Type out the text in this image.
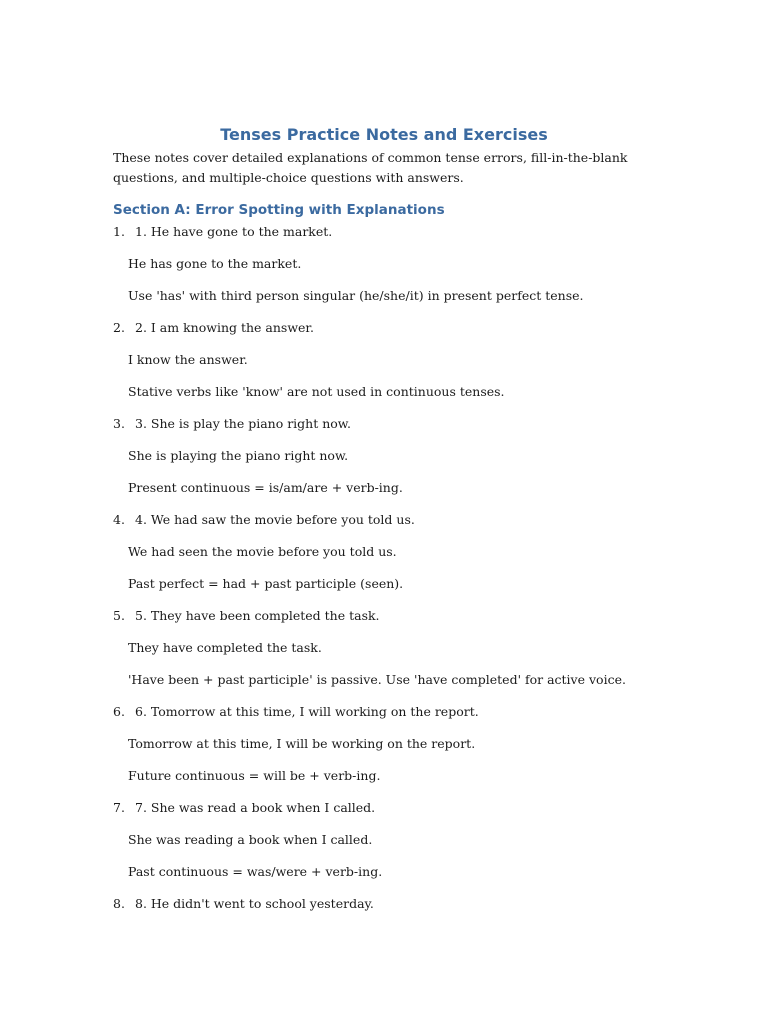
Tenses Practice Notes and Exercises

These notes cover detailed explanations of common tense errors, fill-in-the-blank questions, and multiple-choice questions with answers.

Section A: Error Spotting with Explanations
1. 1. He have gone to the market.
He has gone to the market.
Use 'has' with third person singular (he/she/it) in present perfect tense.
2. 2. I am knowing the answer.
I know the answer.
Stative verbs like 'know' are not used in continuous tenses.
3. 3. She is play the piano right now.
She is playing the piano right now.
Present continuous = is/am/are + verb-ing.
4. 4. We had saw the movie before you told us.
We had seen the movie before you told us.
Past perfect = had + past participle (seen).
5. 5. They have been completed the task.
They have completed the task.
'Have been + past participle' is passive. Use 'have completed' for active voice.
6. 6. Tomorrow at this time, I will working on the report.
Tomorrow at this time, I will be working on the report.
Future continuous = will be + verb-ing.
7. 7. She was read a book when I called.
She was reading a book when I called.
Past continuous = was/were + verb-ing.
8. 8. He didn't went to school yesterday.
